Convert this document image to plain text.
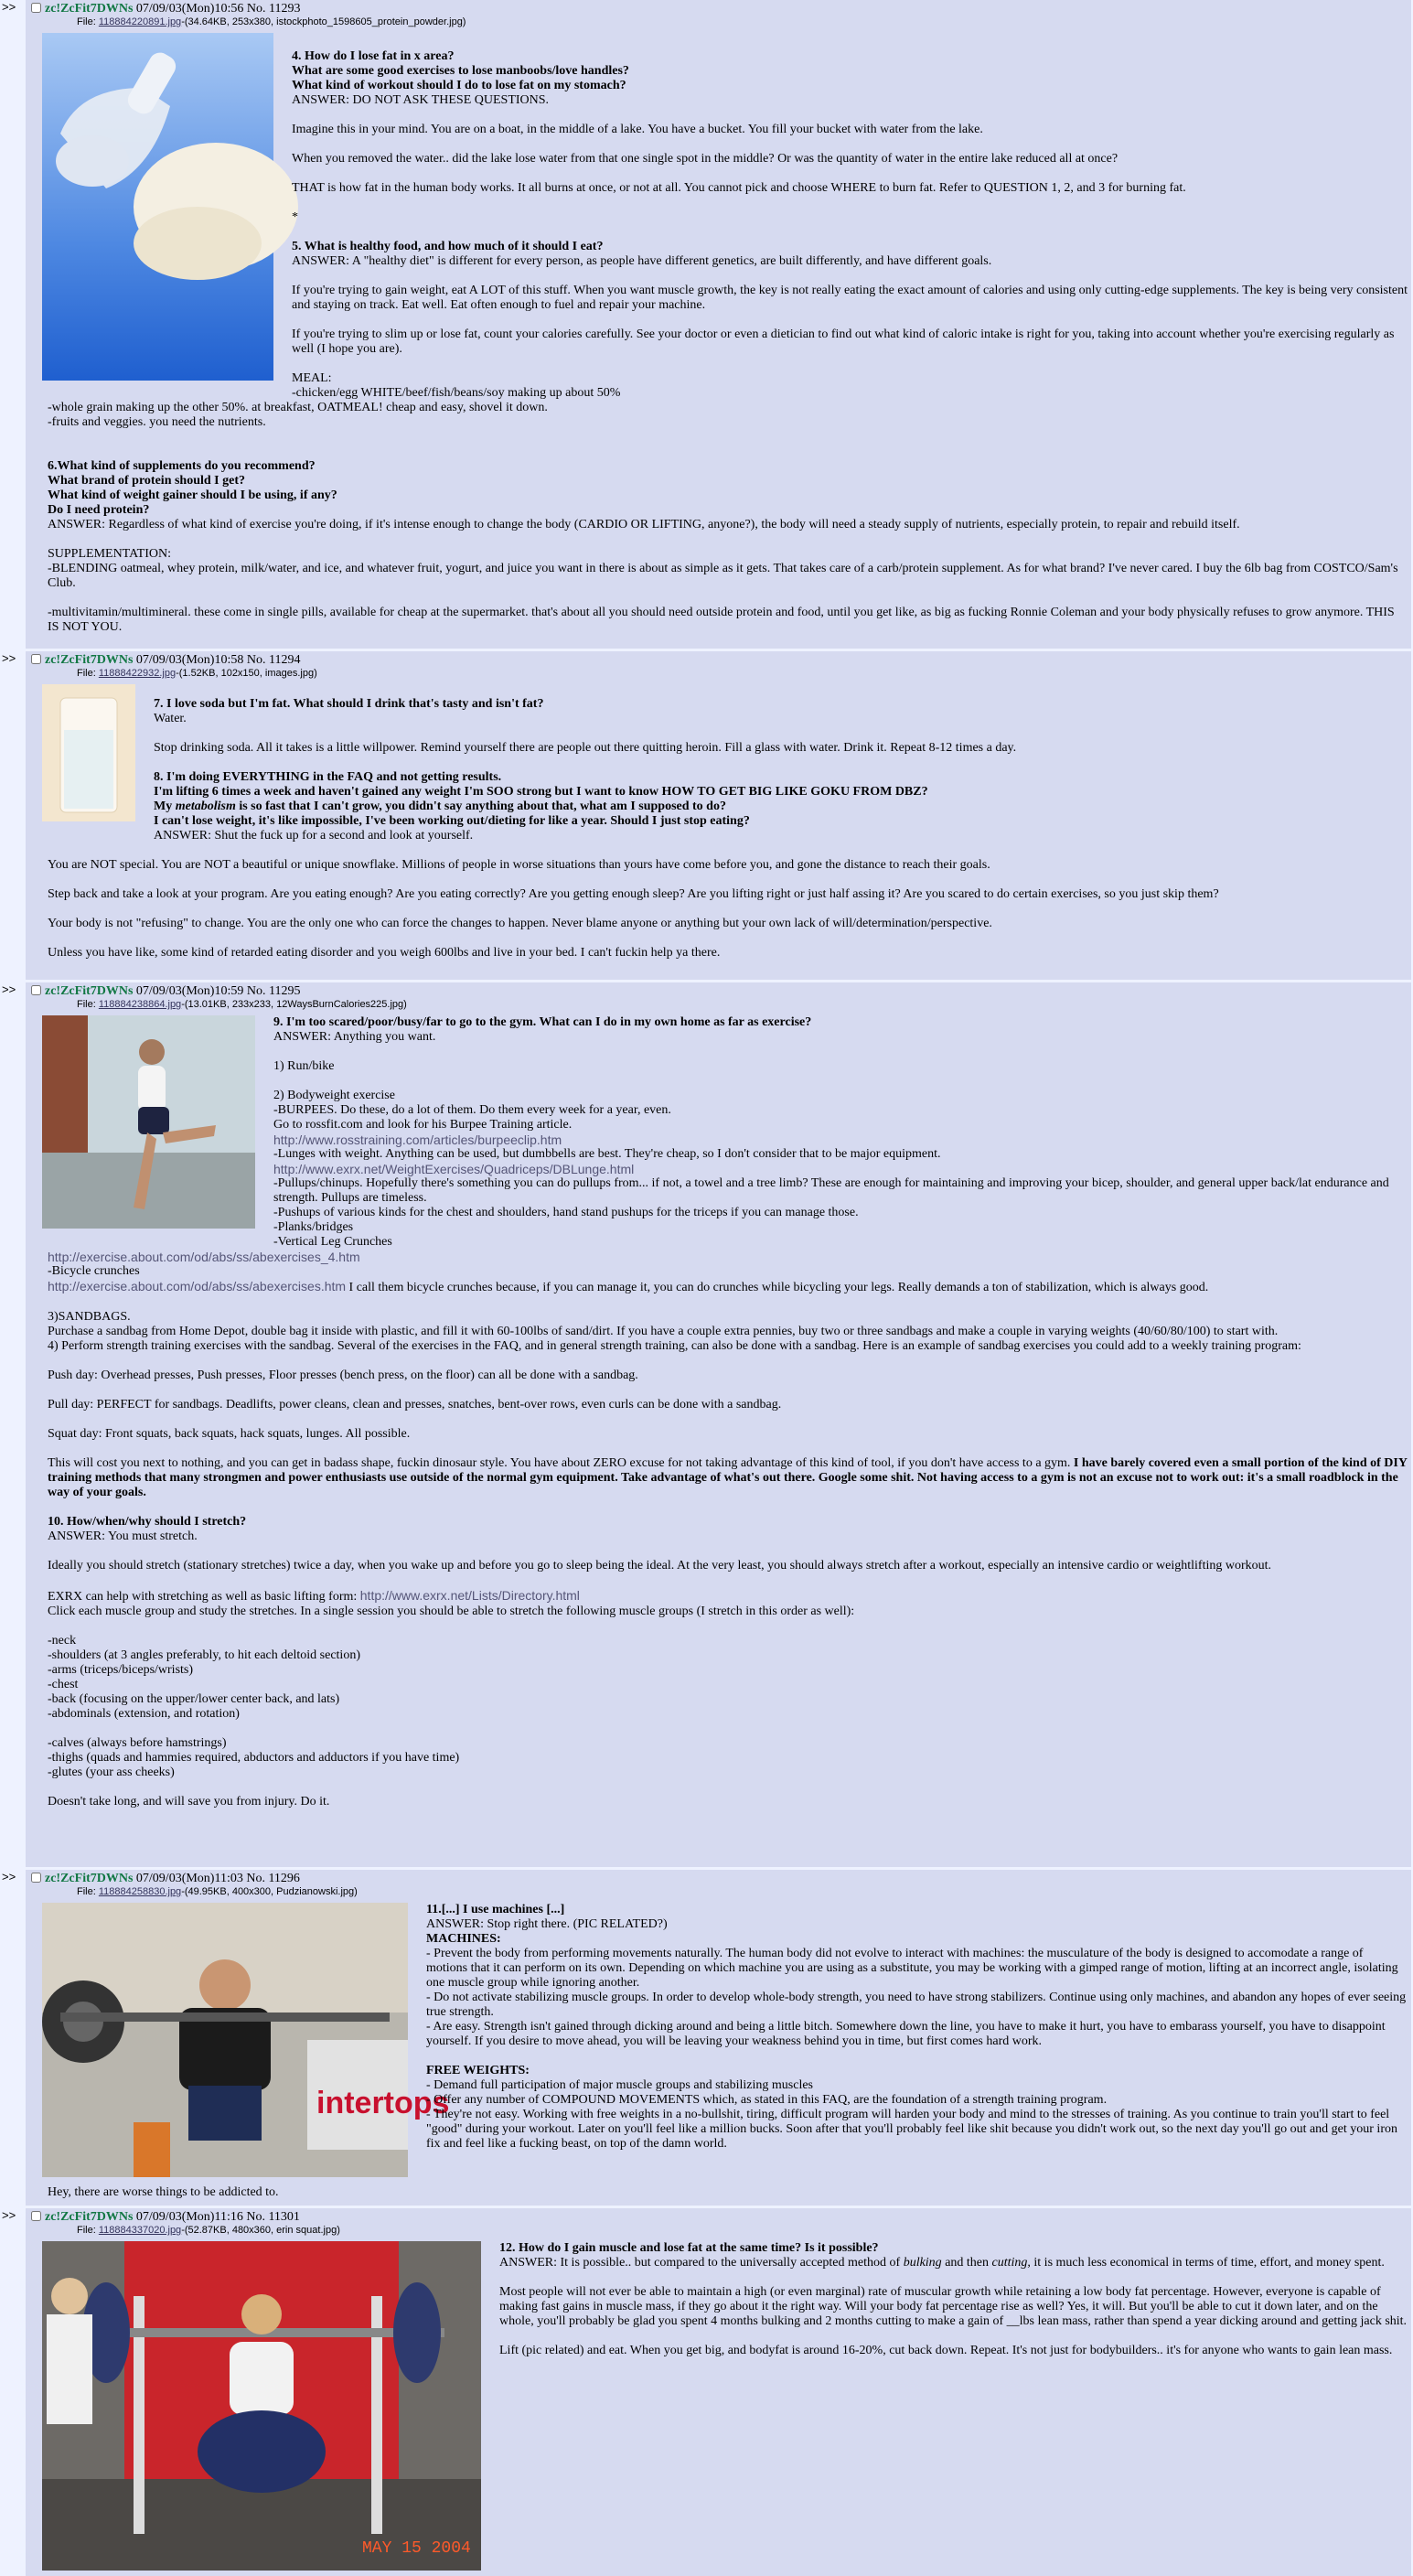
>>	zc!ZcFit7DWNs 07/09/03(Mon)10:56 No. 11293
File: 118884220891.jpg-(34.64KB, 253x380, istockphoto_1598605_protein_powder.jpg)

4. How do I lose fat in x area?

What are some good exercises to lose manboobs/love handles?

What kind of workout should I do to lose fat on my stomach?

ANSWER: DO NOT ASK THESE QUESTIONS.

Imagine this in your mind. You are on a boat, in the middle of a lake. You have a bucket. You fill your bucket with water from the lake.

When you removed the water.. did the lake lose water from that one single spot in the middle? Or was the quantity of water in the entire lake reduced all at once?

THAT is how fat in the human body works. It all burns at once, or not at all. You cannot pick and choose WHERE to burn fat. Refer to QUESTION 1, 2, and 3 for burning fat.

*

5. What is healthy food, and how much of it should I eat?

ANSWER: A "healthy diet" is different for every person, as people have different genetics, are built differently, and have different goals.

If you're trying to gain weight, eat A LOT of this stuff. When you want muscle growth, the key is not really eating the exact amount of calories and using only cutting-edge supplements. The key is being very consistent and staying on track. Eat well. Eat often enough to fuel and repair your machine.

If you're trying to slim up or lose fat, count your calories carefully. See your doctor or even a dietician to find out what kind of caloric intake is right for you, taking into account whether you're exercising regularly as well (I hope you are).

MEAL:

-chicken/egg WHITE/beef/fish/beans/soy making up about 50%

-whole grain making up the other 50%. at breakfast, OATMEAL! cheap and easy, shovel it down.

-fruits and veggies. you need the nutrients.

6.What kind of supplements do you recommend?

What brand of protein should I get?

What kind of weight gainer should I be using, if any?

Do I need protein?

ANSWER: Regardless of what kind of exercise you're doing, if it's intense enough to change the body (CARDIO OR LIFTING, anyone?), the body will need a steady supply of nutrients, especially protein, to repair and rebuild itself.

SUPPLEMENTATION:

-BLENDING oatmeal, whey protein, milk/water, and ice, and whatever fruit, yogurt, and juice you want in there is about as simple as it gets. That takes care of a carb/protein supplement. As for what brand? I've never cared. I buy the 6lb bag from COSTCO/Sam's Club.

-multivitamin/multimineral. these come in single pills, available for cheap at the supermarket. that's about all you should need outside protein and food, until you get like, as big as fucking Ronnie Coleman and your body physically refuses to grow anymore. THIS IS NOT YOU.

>>	zc!ZcFit7DWNs 07/09/03(Mon)10:58 No. 11294
File: 11888422932.jpg-(1.52KB, 102x150, images.jpg)

7. I love soda but I'm fat. What should I drink that's tasty and isn't fat?

Water.

Stop drinking soda. All it takes is a little willpower. Remind yourself there are people out there quitting heroin. Fill a glass with water. Drink it. Repeat 8-12 times a day.

8. I'm doing EVERYTHING in the FAQ and not getting results.

I'm lifting 6 times a week and haven't gained any weight I'm SOO strong but I want to know HOW TO GET BIG LIKE GOKU FROM DBZ?

My metabolism is so fast that I can't grow, you didn't say anything about that, what am I supposed to do?

I can't lose weight, it's like impossible, I've been working out/dieting for like a year. Should I just stop eating?

ANSWER: Shut the fuck up for a second and look at yourself.

You are NOT special. You are NOT a beautiful or unique snowflake. Millions of people in worse situations than yours have come before you, and gone the distance to reach their goals.

Step back and take a look at your program. Are you eating enough? Are you eating correctly? Are you getting enough sleep? Are you lifting right or just half assing it? Are you scared to do certain exercises, so you just skip them?

Your body is not "refusing" to change. You are the only one who can force the changes to happen. Never blame anyone or anything but your own lack of will/determination/perspective.

Unless you have like, some kind of retarded eating disorder and you weigh 600lbs and live in your bed. I can't fuckin help ya there.

>>	zc!ZcFit7DWNs 07/09/03(Mon)10:59 No. 11295
File: 118884238864.jpg-(13.01KB, 233x233, 12WaysBurnCalories225.jpg)

9. I'm too scared/poor/busy/far to go to the gym. What can I do in my own home as far as exercise?

ANSWER: Anything you want.

1) Run/bike

2) Bodyweight exercise

-BURPEES. Do these, do a lot of them. Do them every week for a year, even.

Go to rossfit.com and look for his Burpee Training article.

http://www.rosstraining.com/articles/burpeeclip.htm

-Lunges with weight. Anything can be used, but dumbbells are best. They're cheap, so I don't consider that to be major equipment.

http://www.exrx.net/WeightExercises/Quadriceps/DBLunge.html

-Pullups/chinups. Hopefully there's something you can do pullups from... if not, a towel and a tree limb? These are enough for maintaining and improving your bicep, shoulder, and general upper back/lat endurance and strength. Pullups are timeless.

-Pushups of various kinds for the chest and shoulders, hand stand pushups for the triceps if you can manage those.

-Planks/bridges

-Vertical Leg Crunches

http://exercise.about.com/od/abs/ss/abexercises_4.htm

-Bicycle crunches

http://exercise.about.com/od/abs/ss/abexercises.htm I call them bicycle crunches because, if you can manage it, you can do crunches while bicycling your legs. Really demands a ton of stabilization, which is always good.

3)SANDBAGS.

Purchase a sandbag from Home Depot, double bag it inside with plastic, and fill it with 60-100lbs of sand/dirt. If you have a couple extra pennies, buy two or three sandbags and make a couple in varying weights (40/60/80/100) to start with.

4) Perform strength training exercises with the sandbag. Several of the exercises in the FAQ, and in general strength training, can also be done with a sandbag. Here is an example of sandbag exercises you could add to a weekly training program:

Push day: Overhead presses, Push presses, Floor presses (bench press, on the floor) can all be done with a sandbag.

Pull day: PERFECT for sandbags. Deadlifts, power cleans, clean and presses, snatches, bent-over rows, even curls can be done with a sandbag.

Squat day: Front squats, back squats, hack squats, lunges. All possible.

This will cost you next to nothing, and you can get in badass shape, fuckin dinosaur style. You have about ZERO excuse for not taking advantage of this kind of tool, if you don't have access to a gym. I have barely covered even a small portion of the kind of DIY training methods that many strongmen and power enthusiasts use outside of the normal gym equipment. Take advantage of what's out there. Google some shit. Not having access to a gym is not an excuse not to work out: it's a small roadblock in the way of your goals.

10. How/when/why should I stretch?

ANSWER: You must stretch.

Ideally you should stretch (stationary stretches) twice a day, when you wake up and before you go to sleep being the ideal. At the very least, you should always stretch after a workout, especially an intensive cardio or weightlifting workout.

EXRX can help with stretching as well as basic lifting form: http://www.exrx.net/Lists/Directory.html

Click each muscle group and study the stretches. In a single session you should be able to stretch the following muscle groups (I stretch in this order as well):

-neck

-shoulders (at 3 angles preferably, to hit each deltoid section)

-arms (triceps/biceps/wrists)

-chest

-back (focusing on the upper/lower center back, and lats)

-abdominals (extension, and rotation)

-calves (always before hamstrings)

-thighs (quads and hammies required, abductors and adductors if you have time)

-glutes (your ass cheeks)

Doesn't take long, and will save you from injury. Do it.

>>	zc!ZcFit7DWNs 07/09/03(Mon)11:03 No. 11296
File: 118884258830.jpg-(49.95KB, 400x300, Pudzianowski.jpg)
intertops

11.[...] I use machines [...]

ANSWER: Stop right there. (PIC RELATED?)

MACHINES:

- Prevent the body from performing movements naturally. The human body did not evolve to interact with machines: the musculature of the body is designed to accomodate a range of motions that it can perform on its own. Depending on which machine you are using as a substitute, you may be working with a gimped range of motion, lifting at an incorrect angle, isolating one muscle group while ignoring another.

- Do not activate stabilizing muscle groups. In order to develop whole-body strength, you need to have strong stabilizers. Continue using only machines, and abandon any hopes of ever seeing true strength.

- Are easy. Strength isn't gained through dicking around and being a little bitch. Somewhere down the line, you have to make it hurt, you have to embarass yourself, you have to disappoint yourself. If you desire to move ahead, you will be leaving your weakness behind you in time, but first comes hard work.

FREE WEIGHTS:

- Demand full participation of major muscle groups and stabilizing muscles

- Offer any number of COMPOUND MOVEMENTS which, as stated in this FAQ, are the foundation of a strength training program.

- They're not easy. Working with free weights in a no-bullshit, tiring, difficult program will harden your body and mind to the stresses of training. As you continue to train you'll start to feel "good" during your workout. Later on you'll feel like a million bucks. Soon after that you'll probably feel like shit because you didn't work out, so the next day you'll go out and get your iron fix and feel like a fucking beast, on top of the damn world.

Hey, there are worse things to be addicted to.

>>	zc!ZcFit7DWNs 07/09/03(Mon)11:16 No. 11301
File: 118884337020.jpg-(52.87KB, 480x360, erin squat.jpg)
MAY 15 2004

12. How do I gain muscle and lose fat at the same time? Is it possible?

ANSWER: It is possible.. but compared to the universally accepted method of bulking and then cutting, it is much less economical in terms of time, effort, and money spent.

Most people will not ever be able to maintain a high (or even marginal) rate of muscular growth while retaining a low body fat percentage. However, everyone is capable of making fast gains in muscle mass, if they go about it the right way. Will your body fat percentage rise as well? Yes, it will. But you'll be able to cut it down later, and on the whole, you'll probably be glad you spent 4 months bulking and 2 months cutting to make a gain of __lbs lean mass, rather than spend a year dicking around and getting jack shit.

Lift (pic related) and eat. When you get big, and bodyfat is around 16-20%, cut back down. Repeat. It's not just for bodybuilders.. it's for anyone who wants to gain lean mass.
